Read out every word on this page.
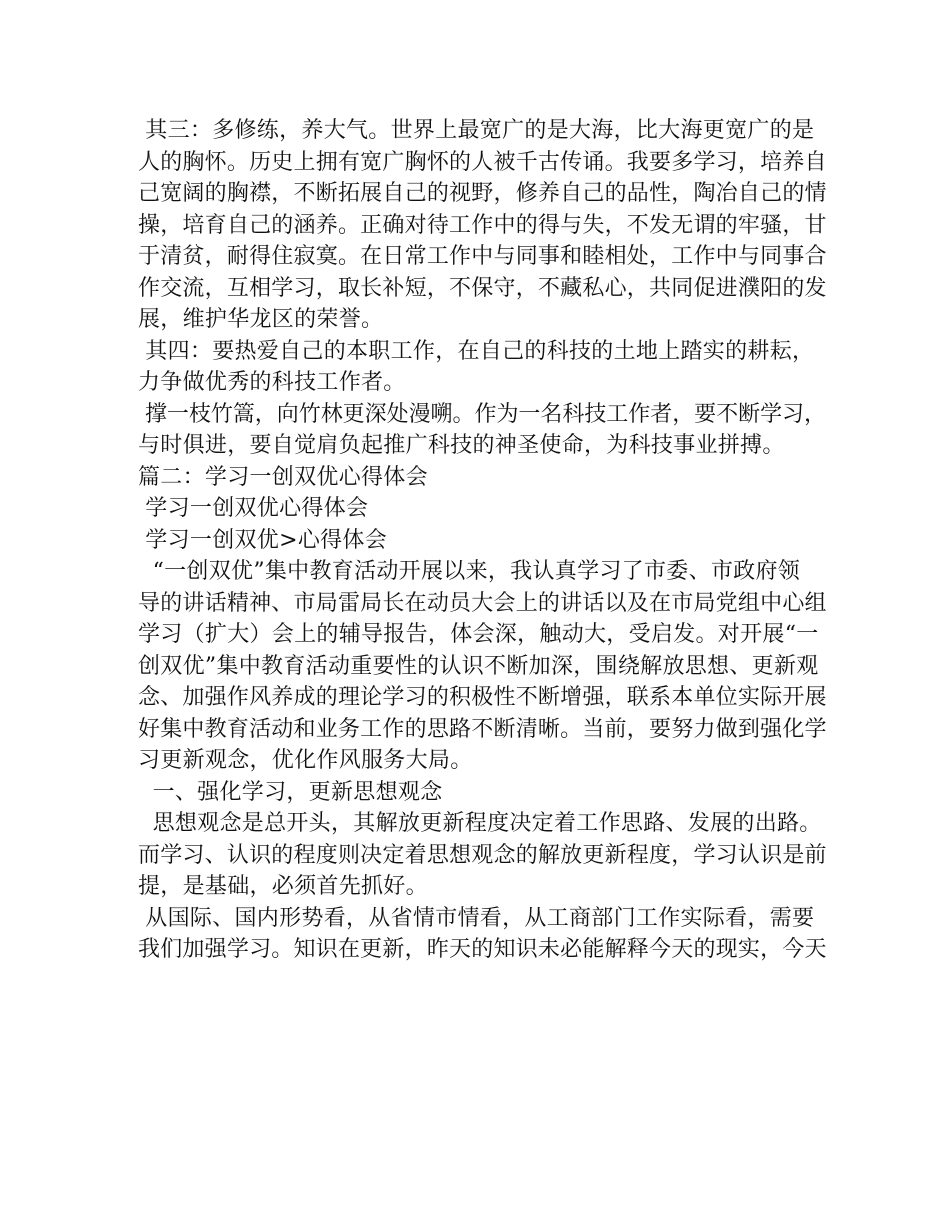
其三：多修练，养大气。世界上最宽广的是大海，比大海更宽广的是
人的胸怀。历史上拥有宽广胸怀的人被千古传诵。我要多学习，培养自
己宽阔的胸襟，不断拓展自己的视野，修养自己的品性，陶冶自己的情
操，培育自己的涵养。正确对待工作中的得与失，不发无谓的牢骚，甘
于清贫，耐得住寂寞。在日常工作中与同事和睦相处，工作中与同事合
作交流，互相学习，取长补短，不保守，不藏私心，共同促进濮阳的发
展，维护华龙区的荣誉。
其四：要热爱自己的本职工作，在自己的科技的土地上踏实的耕耘，
力争做优秀的科技工作者。
撑一枝竹篙，向竹林更深处漫嗍。作为一名科技工作者，要不断学习，
与时俱进，要自觉肩负起推广科技的神圣使命，为科技事业拼搏。
篇二：学习一创双优心得体会
学习一创双优心得体会
学习一创双优>心得体会
“一创双优”集中教育活动开展以来，我认真学习了市委、市政府领
导的讲话精神、市局雷局长在动员大会上的讲话以及在市局党组中心组
学习（扩大）会上的辅导报告，体会深，触动大，受启发。对开展“一
创双优”集中教育活动重要性的认识不断加深，围绕解放思想、更新观
念、加强作风养成的理论学习的积极性不断增强，联系本单位实际开展
好集中教育活动和业务工作的思路不断清晰。当前，要努力做到强化学
习更新观念，优化作风服务大局。
一、强化学习，更新思想观念
思想观念是总开头，其解放更新程度决定着工作思路、发展的出路。
而学习、认识的程度则决定着思想观念的解放更新程度，学习认识是前
提，是基础，必须首先抓好。
从国际、国内形势看，从省情市情看，从工商部门工作实际看，需要
我们加强学习。知识在更新，昨天的知识未必能解释今天的现实，今天
